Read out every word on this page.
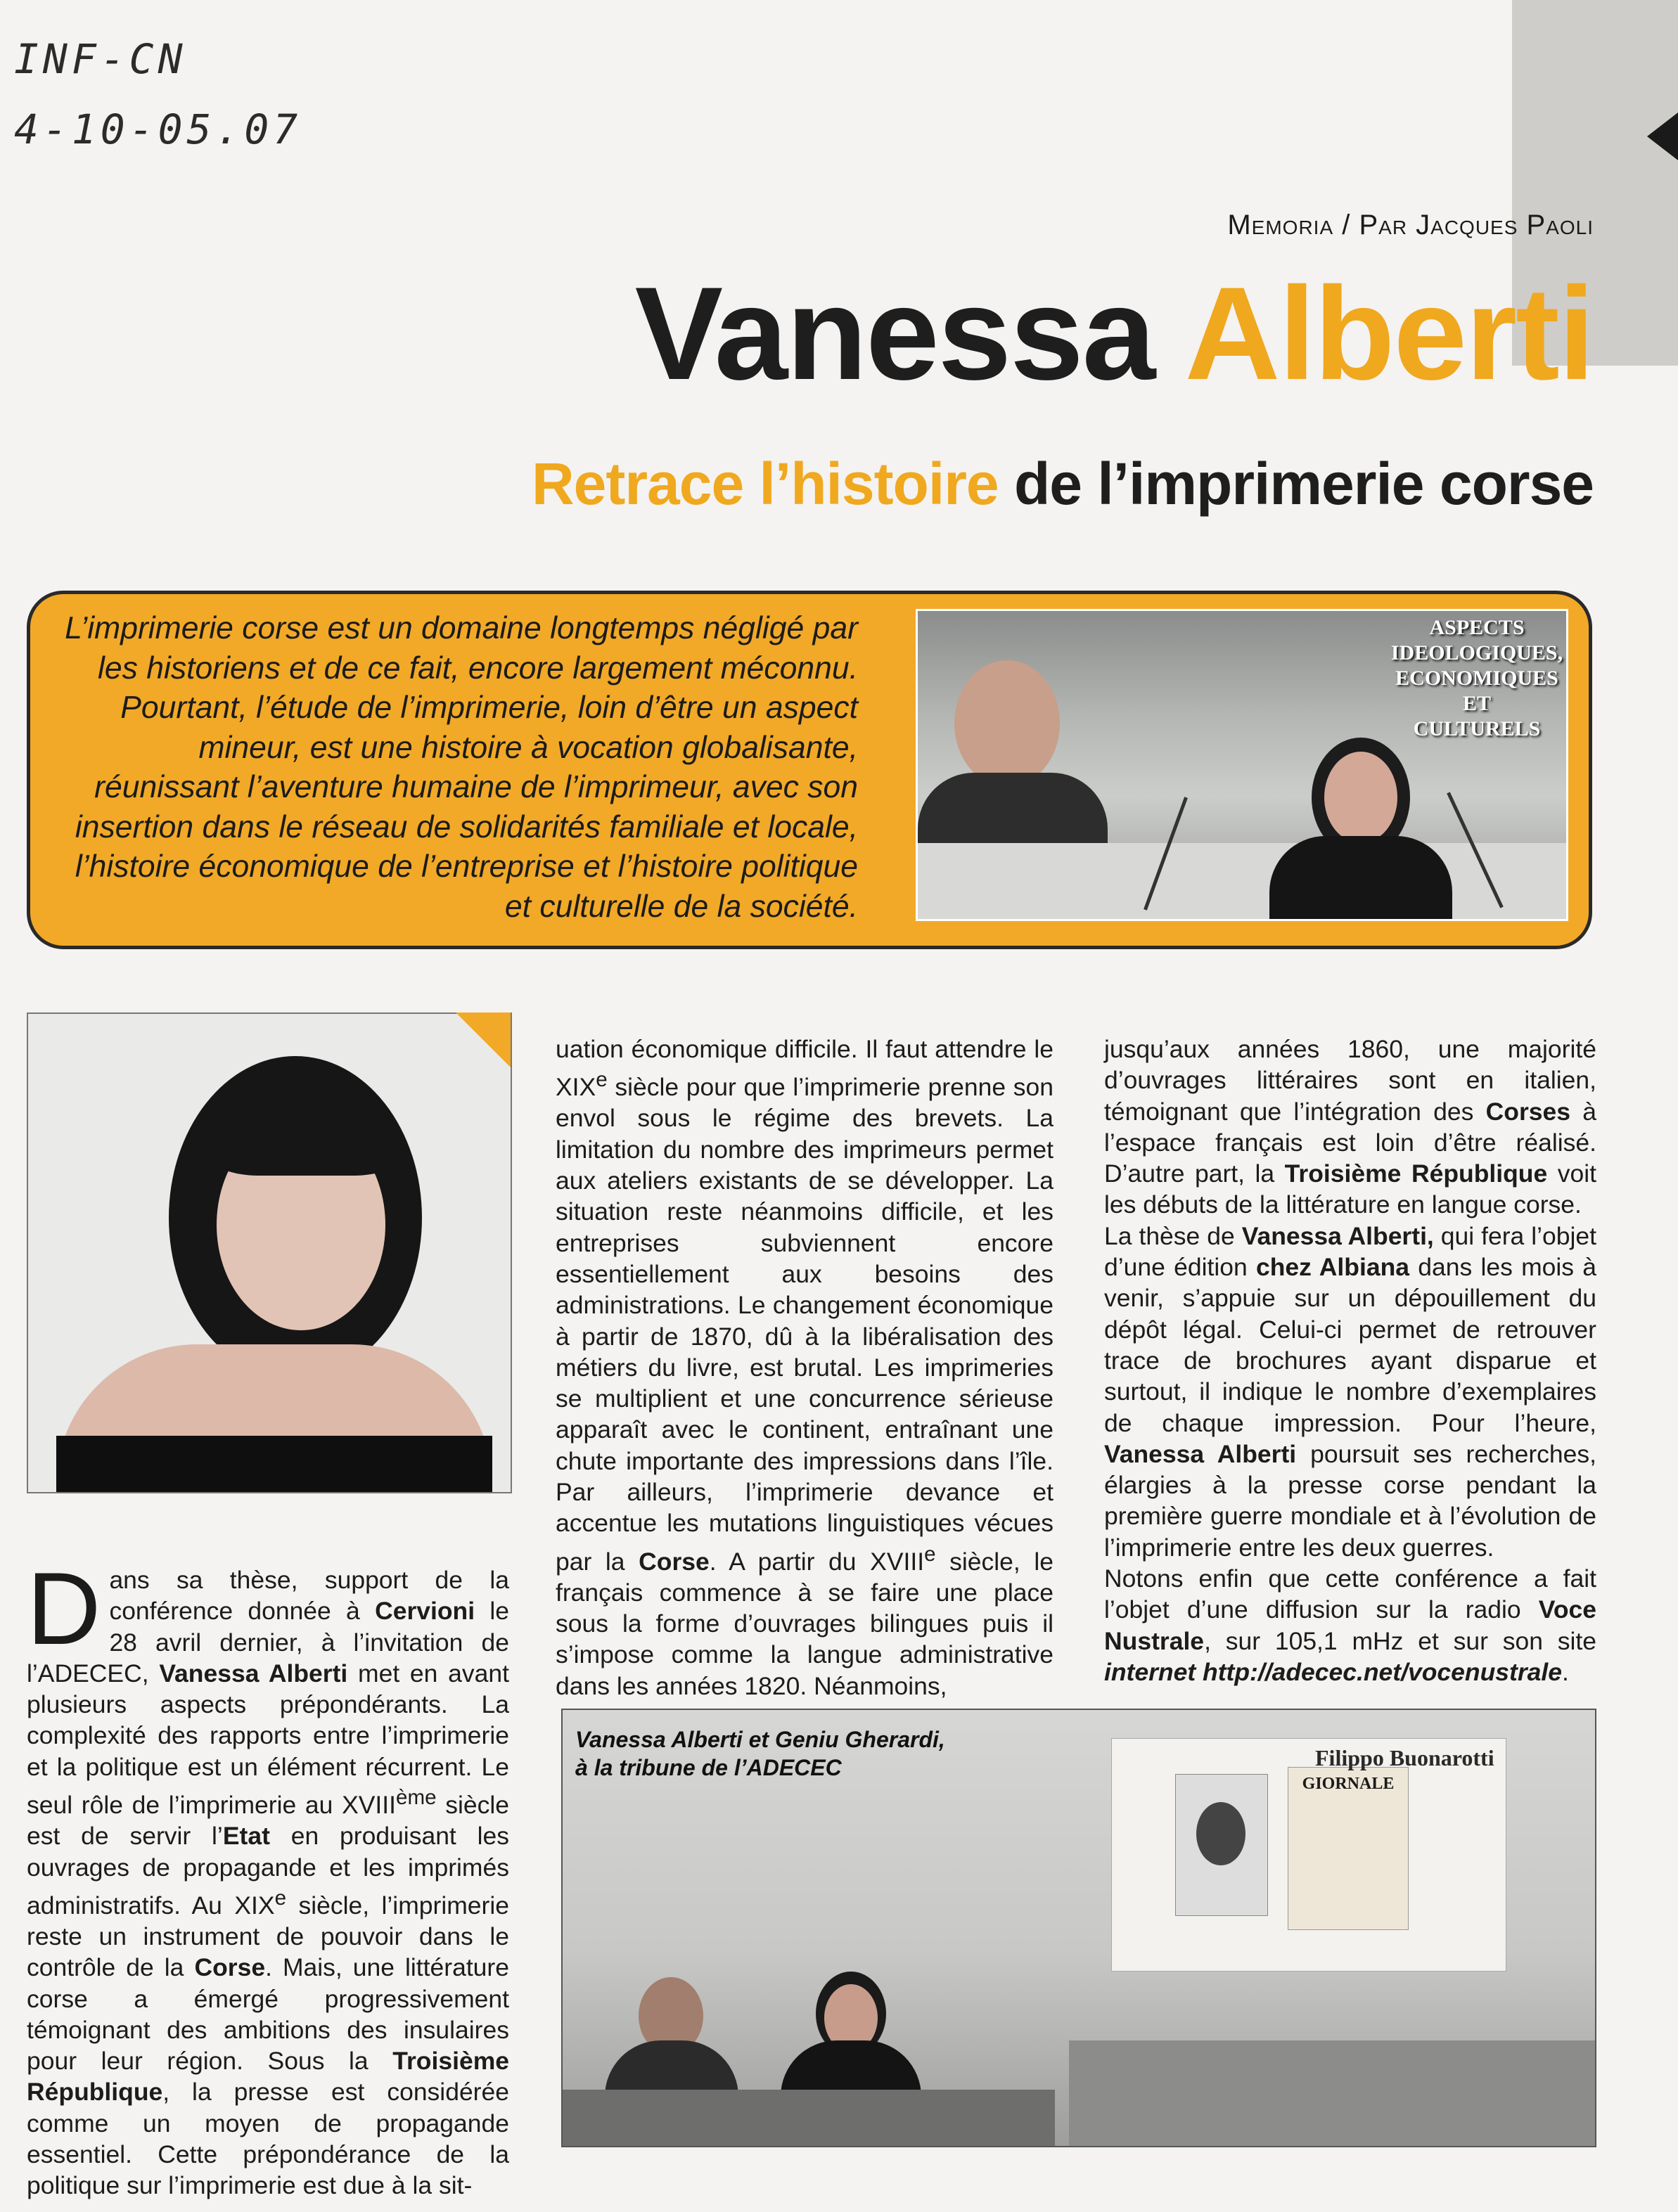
INF-CN
4-10-05.07
Memoria / Par Jacques Paoli
Vanessa Alberti
Retrace l’histoire de l’imprimerie corse
L’imprimerie corse est un domaine longtemps négligé par les historiens et de ce fait, encore largement méconnu. Pourtant, l’étude de l’imprimerie, loin d’être un aspect mineur, est une histoire à vocation globalisante, réunissant l’aventure humaine de l’imprimeur, avec son insertion dans le réseau de solidarités familiale et locale, l’histoire économique de l’entreprise et l’histoire politique et culturelle de la société.
ASPECTS
IDEOLOGIQUES,
ECONOMIQUES ET
CULTURELS

Dans sa thèse, support de la conférence donnée à Cervioni le 28 avril dernier, à l’invitation de l’ADECEC, Vanessa Alberti met en avant plusieurs aspects prépondérants. La complexité des rapports entre l’imprimerie et la politique est un élément récurrent. Le seul rôle de l’imprimerie au XVIIIème siècle est de servir l’Etat en produisant les ouvrages de propagande et les imprimés administratifs. Au XIXe siècle, l’imprimerie reste un instrument de pouvoir dans le contrôle de la Corse. Mais, une littérature corse a émergé progressivement témoignant des ambitions des insulaires pour leur région. Sous la Troisième République, la presse est considérée comme un moyen de propagande essentiel. Cette prépondérance de la politique sur l’imprimerie est due à la sit-

uation économique difficile. Il faut attendre le XIXe siècle pour que l’imprimerie prenne son envol sous le régime des brevets. La limitation du nombre des imprimeurs permet aux ateliers existants de se développer. La situation reste néanmoins difficile, et les entreprises subviennent encore essentiellement aux besoins des administrations. Le changement économique à partir de 1870, dû à la libéralisation des métiers du livre, est brutal. Les imprimeries se multiplient et une concurrence sérieuse apparaît avec le continent, entraînant une chute importante des impressions dans l’île. Par ailleurs, l’imprimerie devance et accentue les mutations linguistiques vécues par la Corse. A partir du XVIIIe siècle, le français commence à se faire une place sous la forme d’ouvrages bilingues puis il s’impose comme la langue administrative dans les années 1820. Néanmoins,

jusqu’aux années 1860, une majorité d’ouvrages littéraires sont en italien, témoignant que l’intégration des Corses à l’espace français est loin d’être réalisé. D’autre part, la Troisième République voit les débuts de la littérature en langue corse.

La thèse de Vanessa Alberti, qui fera l’objet d’une édition chez Albiana dans les mois à venir, s’appuie sur un dépouillement du dépôt légal. Celui-ci permet de retrouver trace de brochures ayant disparue et surtout, il indique le nombre d’exemplaires de chaque impression. Pour l’heure, Vanessa Alberti poursuit ses recherches, élargies à la presse corse pendant la première guerre mondiale et à l’évolution de l’imprimerie entre les deux guerres.

Notons enfin que cette conférence a fait l’objet d’une diffusion sur la radio Voce Nustrale, sur 105,1 mHz et sur son site internet http://adecec.net/vocenustrale.

GIORNALE
Filippo Buonarotti
Vanessa Alberti et Geniu Gherardi,
à la tribune de l’ADECEC
